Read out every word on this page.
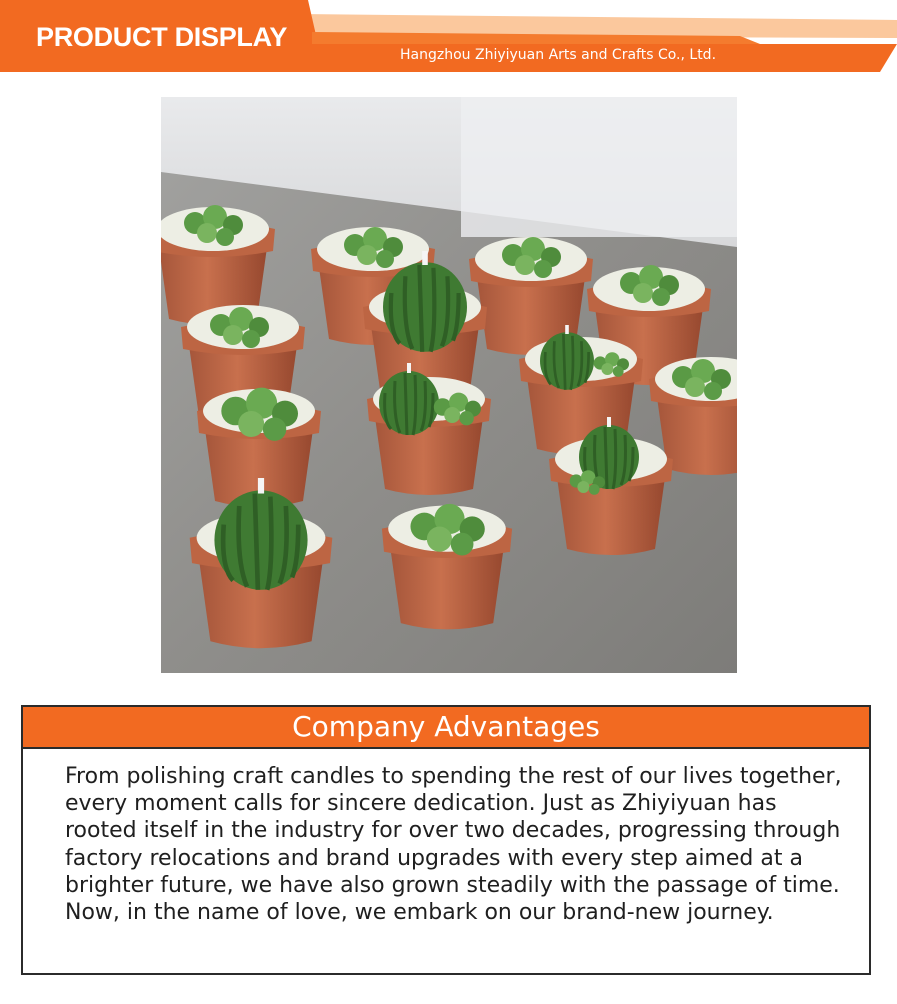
PRODUCT DISPLAY
Hangzhou Zhiyiyuan Arts and Crafts Co., Ltd.
Company Advantages

From polishing craft candles to spending the rest of our lives together, every moment calls for sincere dedication. Just as Zhiyiyuan has rooted itself in the industry for over two decades, progressing through factory relocations and brand upgrades with every step aimed at a brighter future, we have also grown steadily with the passage of time. Now, in the name of love, we embark on our brand-new journey.
